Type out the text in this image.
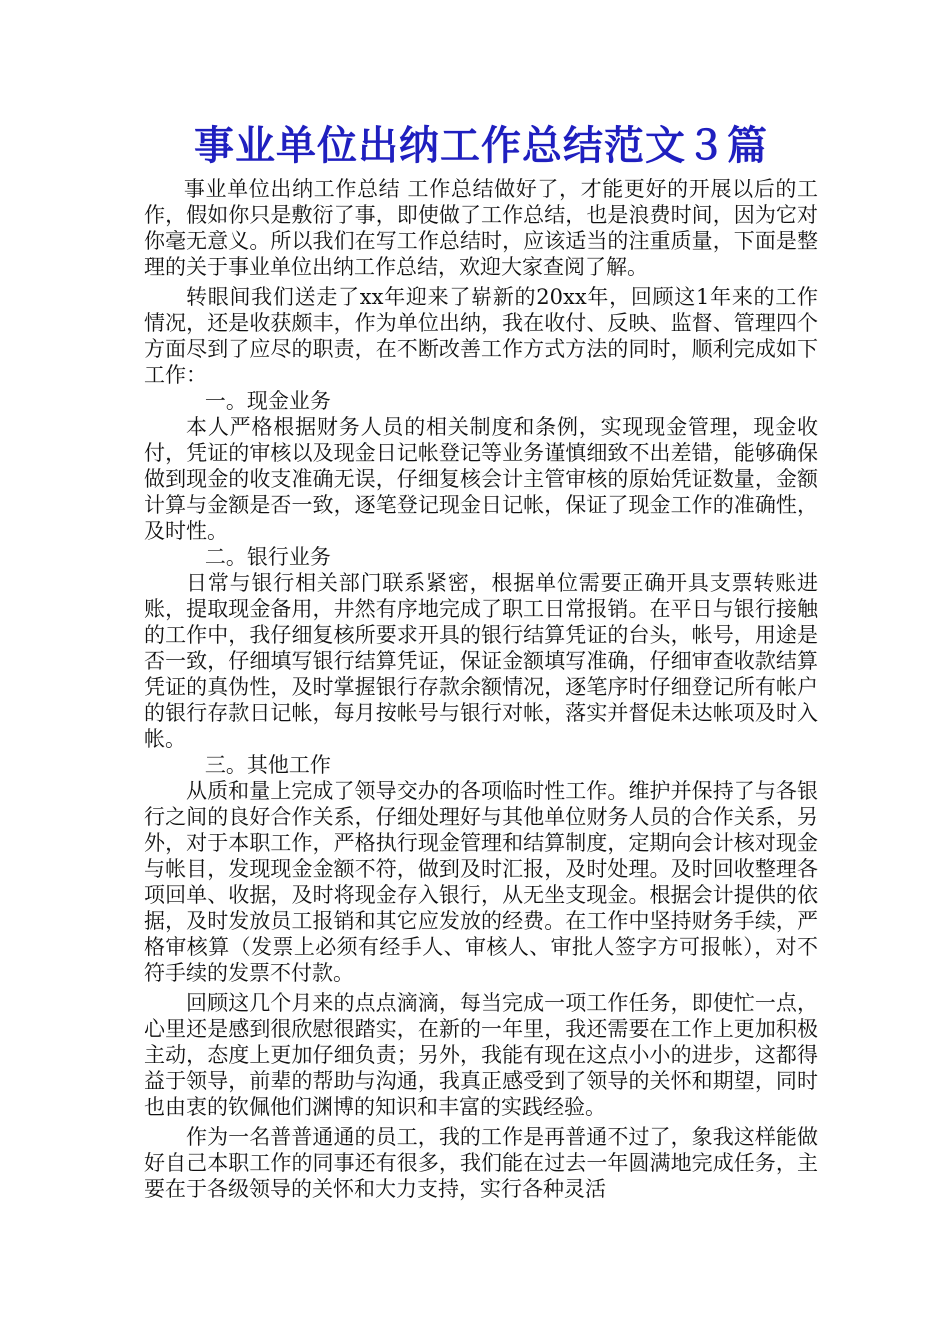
事业单位出纳工作总结范文３篇

事业单位出纳工作总结 工作总结做好了，才能更好的开展以后的工作，假如你只是敷衍了事，即使做了工作总结，也是浪费时间，因为它对你毫无意义。所以我们在写工作总结时，应该适当的注重质量，下面是整理的关于事业单位出纳工作总结，欢迎大家查阅了解。

转眼间我们送走了xx年迎来了崭新的20xx年，回顾这1年来的工作情况，还是收获颇丰，作为单位出纳，我在收付、反映、监督、管理四个方面尽到了应尽的职责，在不断改善工作方式方法的同时，顺利完成如下工作：

一。现金业务

本人严格根据财务人员的相关制度和条例，实现现金管理，现金收付，凭证的审核以及现金日记帐登记等业务谨慎细致不出差错，能够确保做到现金的收支准确无误，仔细复核会计主管审核的原始凭证数量，金额计算与金额是否一致，逐笔登记现金日记帐，保证了现金工作的准确性，及时性。

二。银行业务

日常与银行相关部门联系紧密，根据单位需要正确开具支票转账进账，提取现金备用，井然有序地完成了职工日常报销。在平日与银行接触的工作中，我仔细复核所要求开具的银行结算凭证的台头，帐号，用途是否一致，仔细填写银行结算凭证，保证金额填写准确，仔细审查收款结算凭证的真伪性，及时掌握银行存款余额情况，逐笔序时仔细登记所有帐户的银行存款日记帐，每月按帐号与银行对帐，落实并督促未达帐项及时入帐。

三。其他工作

从质和量上完成了领导交办的各项临时性工作。维护并保持了与各银行之间的良好合作关系，仔细处理好与其他单位财务人员的合作关系，另外，对于本职工作，严格执行现金管理和结算制度，定期向会计核对现金与帐目，发现现金金额不符，做到及时汇报，及时处理。及时回收整理各项回单、收据，及时将现金存入银行，从无坐支现金。根据会计提供的依据，及时发放员工报销和其它应发放的经费。在工作中坚持财务手续，严格审核算（发票上必须有经手人、审核人、审批人签字方可报帐），对不符手续的发票不付款。

回顾这几个月来的点点滴滴，每当完成一项工作任务，即使忙一点，心里还是感到很欣慰很踏实，在新的一年里，我还需要在工作上更加积极主动，态度上更加仔细负责；另外，我能有现在这点小小的进步，这都得益于领导，前辈的帮助与沟通，我真正感受到了领导的关怀和期望，同时也由衷的钦佩他们渊博的知识和丰富的实践经验。

作为一名普普通通的员工，我的工作是再普通不过了，象我这样能做好自己本职工作的同事还有很多，我们能在过去一年圆满地完成任务，主要在于各级领导的关怀和大力支持，实行各种灵活
